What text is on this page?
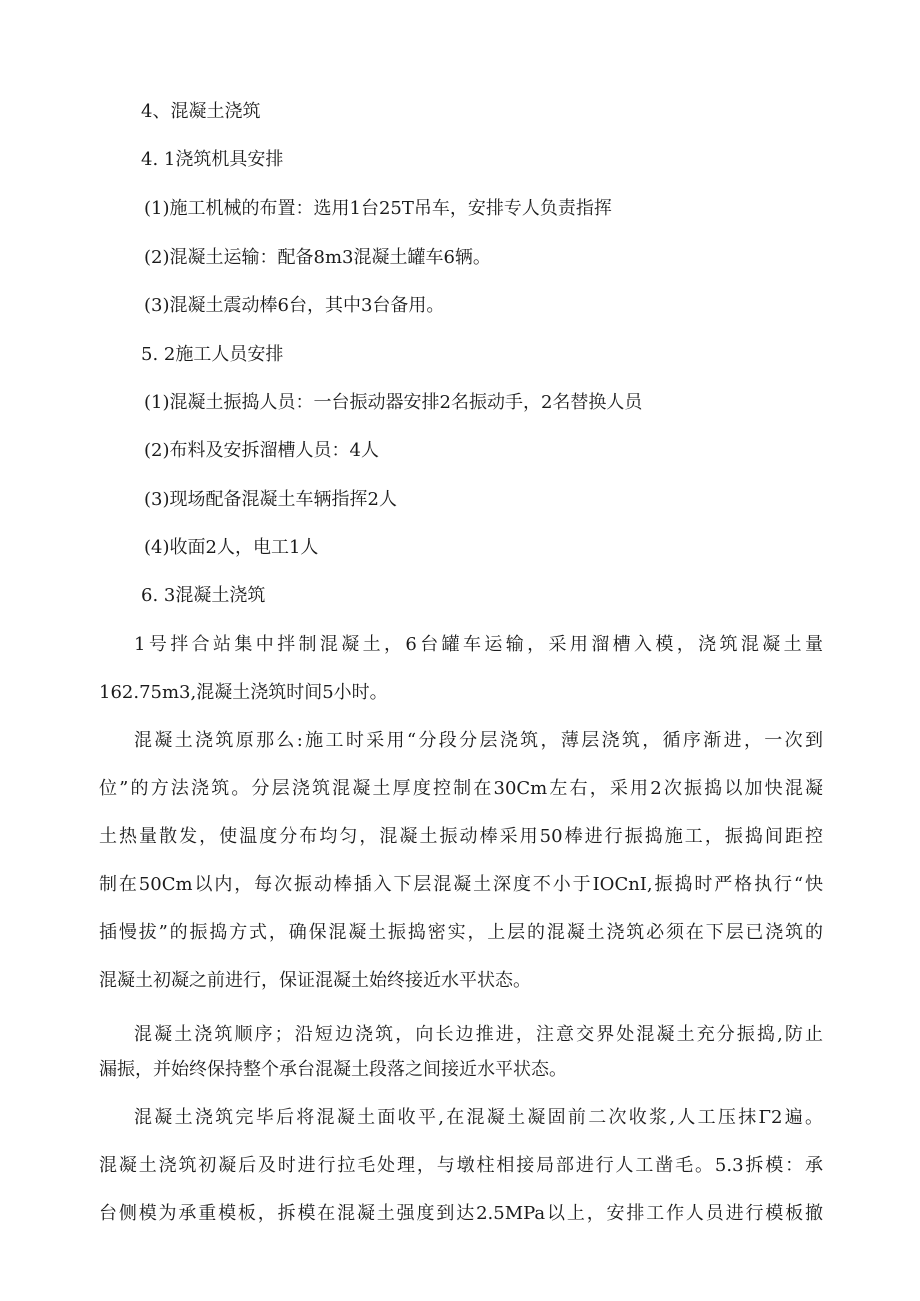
4、混凝土浇筑
4. 1浇筑机具安排
(1)施工机械的布置：选用1台25T吊车，安排专人负责指挥
(2)混凝土运输：配备8m3混凝土罐车6辆。
(3)混凝土震动棒6台，其中3台备用。
5. 2施工人员安排
(1)混凝土振捣人员：一台振动器安排2名振动手，2名替换人员
(2)布料及安拆溜槽人员：4人
(3)现场配备混凝土车辆指挥2人
(4)收面2人，电工1人
6. 3混凝土浇筑
1号拌合站集中拌制混凝土，6台罐车运输，采用溜槽入模，浇筑混凝土量
162.75m3,混凝土浇筑时间5小时。
混凝土浇筑原那么:施工时采用“分段分层浇筑，薄层浇筑，循序渐进，一次到
位”的方法浇筑。分层浇筑混凝土厚度控制在30Cm左右，采用2次振捣以加快混凝
土热量散发，使温度分布均匀，混凝土振动棒采用50棒进行振捣施工，振捣间距控
制在50Cm以内，每次振动棒插入下层混凝土深度不小于IOCnI,振捣时严格执行“快
插慢拔”的振捣方式，确保混凝土振捣密实，上层的混凝土浇筑必须在下层已浇筑的
混凝土初凝之前进行，保证混凝土始终接近水平状态。
混凝土浇筑顺序；沿短边浇筑，向长边推进，注意交界处混凝土充分振捣,防止
漏振，并始终保持整个承台混凝土段落之间接近水平状态。
混凝土浇筑完毕后将混凝土面收平,在混凝土凝固前二次收浆,人工压抹Γ2遍。
混凝土浇筑初凝后及时进行拉毛处理，与墩柱相接局部进行人工凿毛。5.3拆模：承
台侧模为承重模板，拆模在混凝土强度到达2.5MPa以上，安排工作人员进行模板撤
